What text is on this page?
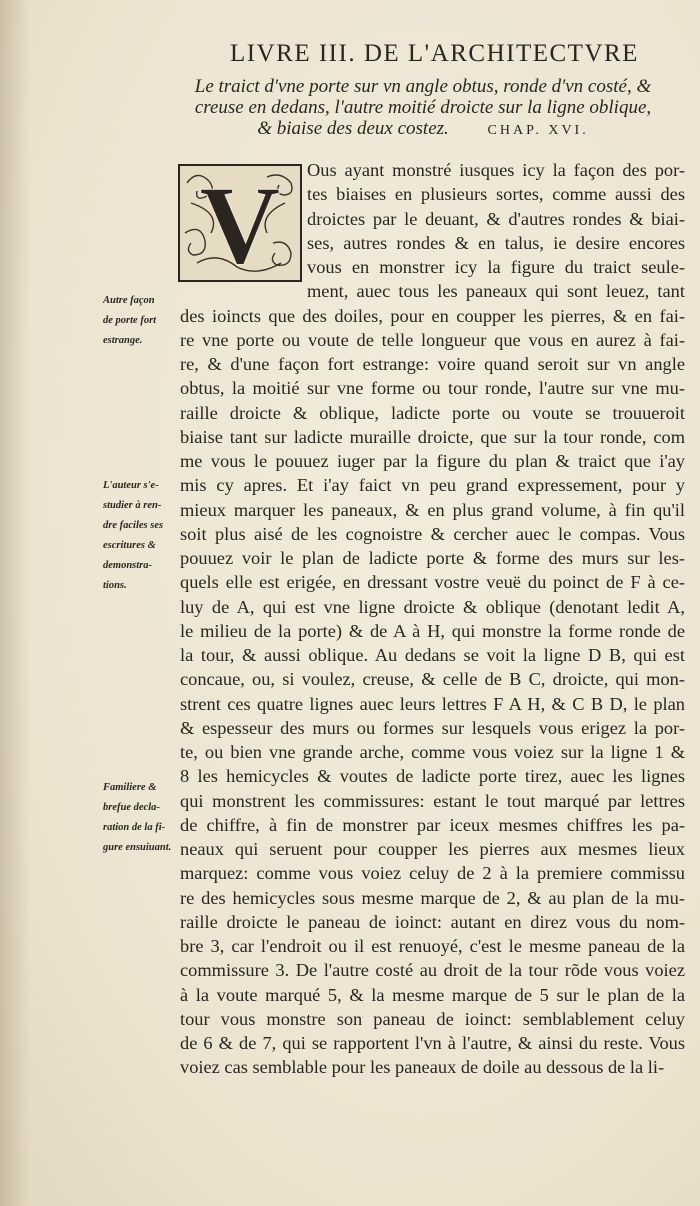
LIVRE III. DE L'ARCHITECTVRE
Le traict d'vne porte sur vn angle obtus, ronde d'vn costé, &
creuse en dedans, l'autre moitié droicte sur la ligne oblique,
& biaise des deux costez.	CHAP. XVI.
V	Ous ayant monstré iusques icy la façon des por-
tes biaises en plusieurs sortes, comme aussi des
droictes par le deuant, & d'autres rondes & biai-
ses, autres rondes & en talus, ie desire encores
vous en monstrer icy la figure du traict seule-
ment, auec tous les paneaux qui sont leuez, tant
des ioincts que des doiles, pour en coupper les pierres, & en fai-
re vne porte ou voute de telle longueur que vous en aurez à fai-
re, & d'une façon fort estrange: voire quand seroit sur vn angle
obtus, la moitié sur vne forme ou tour ronde, l'autre sur vne mu-
raille droicte & oblique, ladicte porte ou voute se trouueroit
biaise tant sur ladicte muraille droicte, que sur la tour ronde, com
me vous le pouuez iuger par la figure du plan & traict que i'ay
mis cy apres. Et i'ay faict vn peu grand expressement, pour y
mieux marquer les paneaux, & en plus grand volume, à fin qu'il
soit plus aisé de les cognoistre & cercher auec le compas. Vous
pouuez voir le plan de ladicte porte & forme des murs sur les-
quels elle est erigée, en dressant vostre veuë du poinct de F à ce-
luy de A, qui est vne ligne droicte & oblique (denotant ledit A,
le milieu de la porte) & de A à H, qui monstre la forme ronde de
la tour, & aussi oblique. Au dedans se voit la ligne D B, qui est
concaue, ou, si voulez, creuse, & celle de B C, droicte, qui mon-
strent ces quatre lignes auec leurs lettres F A H, & C B D, le plan
& espesseur des murs ou formes sur lesquels vous erigez la por-
te, ou bien vne grande arche, comme vous voiez sur la ligne 1 &
8 les hemicycles & voutes de ladicte porte tirez, auec les lignes
qui monstrent les commissures: estant le tout marqué par lettres
de chiffre, à fin de monstrer par iceux mesmes chiffres les pa-
neaux qui seruent pour coupper les pierres aux mesmes lieux
marquez: comme vous voiez celuy de 2 à la premiere commissu
re des hemicycles sous mesme marque de 2, & au plan de la mu-
raille droicte le paneau de ioinct: autant en direz vous du nom-
bre 3, car l'endroit ou il est renuoyé, c'est le mesme paneau de la
commissure 3. De l'autre costé au droit de la tour rõde vous voiez
à la voute marqué 5, & la mesme marque de 5 sur le plan de la
tour vous monstre son paneau de ioinct: semblablement celuy
de 6 & de 7, qui se rapportent l'vn à l'autre, & ainsi du reste. Vous
voiez cas semblable pour les paneaux de doile au dessous de la li-
Autre façon
de porte fort
estrange.
L'auteur s'e-
studier à ren-
dre faciles ses
escritures &
demonstra-
tions.
Familiere &
brefue decla-
ration de la fi-
gure ensuiuant.
